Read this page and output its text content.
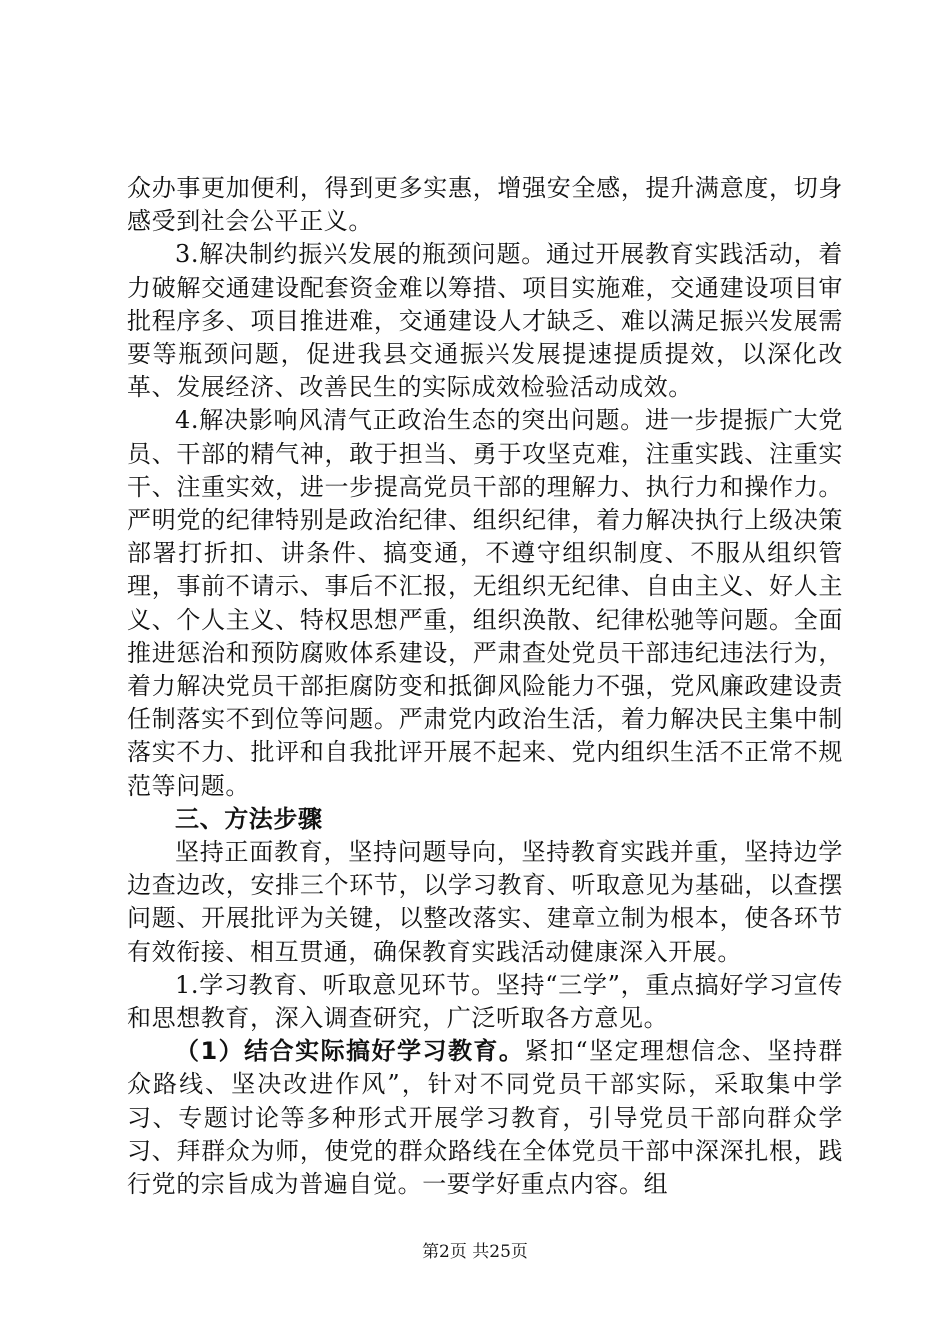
众办事更加便利，得到更多实惠，增强安全感，提升满意度，切身感受到社会公平正义。

3.解决制约振兴发展的瓶颈问题。通过开展教育实践活动，着力破解交通建设配套资金难以筹措、项目实施难，交通建设项目审批程序多、项目推进难，交通建设人才缺乏、难以满足振兴发展需要等瓶颈问题，促进我县交通振兴发展提速提质提效，以深化改革、发展经济、改善民生的实际成效检验活动成效。

4.解决影响风清气正政治生态的突出问题。进一步提振广大党员、干部的精气神，敢于担当、勇于攻坚克难，注重实践、注重实干、注重实效，进一步提高党员干部的理解力、执行力和操作力。严明党的纪律特别是政治纪律、组织纪律，着力解决执行上级决策部署打折扣、讲条件、搞变通，不遵守组织制度、不服从组织管理，事前不请示、事后不汇报，无组织无纪律、自由主义、好人主义、个人主义、特权思想严重，组织涣散、纪律松驰等问题。全面推进惩治和预防腐败体系建设，严肃查处党员干部违纪违法行为，着力解决党员干部拒腐防变和抵御风险能力不强，党风廉政建设责任制落实不到位等问题。严肃党内政治生活，着力解决民主集中制落实不力、批评和自我批评开展不起来、党内组织生活不正常不规范等问题。

三、方法步骤

坚持正面教育，坚持问题导向，坚持教育实践并重，坚持边学边查边改，安排三个环节，以学习教育、听取意见为基础，以查摆问题、开展批评为关键，以整改落实、建章立制为根本，使各环节有效衔接、相互贯通，确保教育实践活动健康深入开展。

1.学习教育、听取意见环节。坚持“三学”，重点搞好学习宣传和思想教育，深入调查研究，广泛听取各方意见。

（1）结合实际搞好学习教育。紧扣“坚定理想信念、坚持群众路线、坚决改进作风”，针对不同党员干部实际，采取集中学习、专题讨论等多种形式开展学习教育，引导党员干部向群众学习、拜群众为师，使党的群众路线在全体党员干部中深深扎根，践行党的宗旨成为普遍自觉。一要学好重点内容。组

第2页 共25页
